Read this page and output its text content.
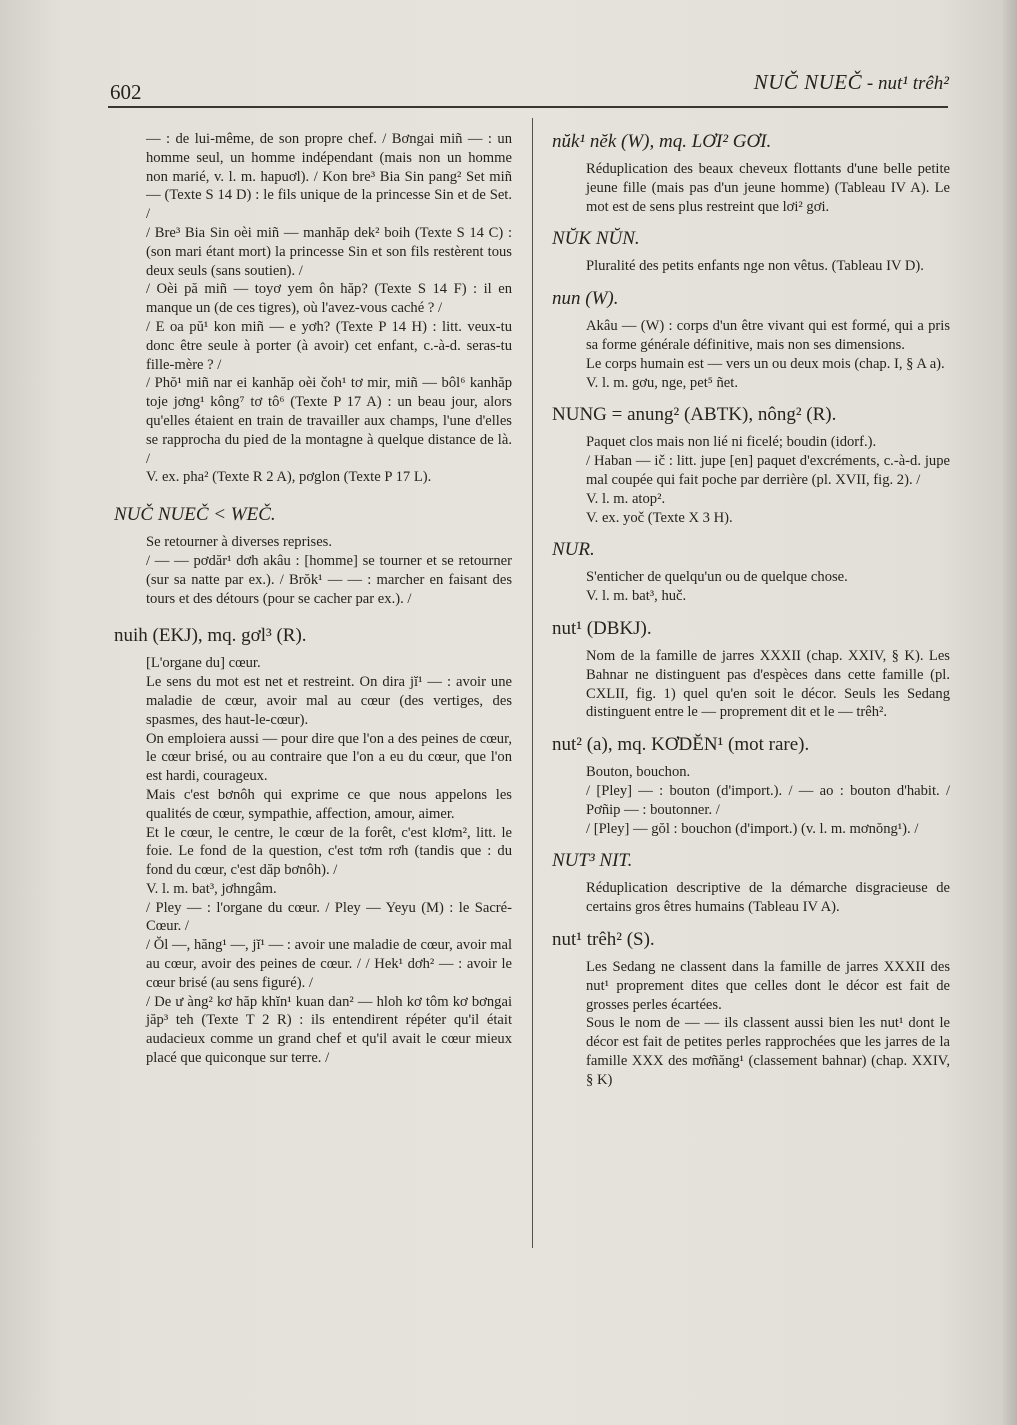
602	NUČ NUEČ - nut¹ trêh²

— : de lui-même, de son propre chef. / Bơngai miñ — : un homme seul, un homme indépendant (mais non un homme non marié, v. l. m. hapuơl). / Kon bre³ Bia Sin pang² Set miñ — (Texte S 14 D) : le fils unique de la princesse Sin et de Set. /

/ Bre³ Bia Sin oèi miñ — manhăp dek² boih (Texte S 14 C) : (son mari étant mort) la princesse Sin et son fils restèrent tous deux seuls (sans soutien). /

/ Oèi pă miñ — toyơ yem ôn hăp? (Texte S 14 F) : il en manque un (de ces tigres), où l'avez-vous caché ? /

/ E oa pŭ¹ kon miñ — e yơh? (Texte P 14 H) : litt. veux-tu donc être seule à porter (à avoir) cet enfant, c.-à-d. seras-tu fille-mère ? /

/ Phŏ¹ miñ nar ei kanhăp oèi čoh¹ tơ mir, miñ — bôl⁶ kanhăp toje jơng¹ kông⁷ tơ tô⁶ (Texte P 17 A) : un beau jour, alors qu'elles étaient en train de travailler aux champs, l'une d'elles se rapprocha du pied de la montagne à quelque distance de là. /

V. ex. pha² (Texte R 2 A), pơglon (Texte P 17 L).

NUČ NUEČ < WEČ.

Se retourner à diverses reprises.

/ — — pơdăr¹ dơh akâu : [homme] se tourner et se retourner (sur sa natte par ex.). / Brŏk¹ — — : marcher en faisant des tours et des détours (pour se cacher par ex.). /

nuih (EKJ), mq. gơl³ (R).

[L'organe du] cœur.

Le sens du mot est net et restreint. On dira jĭ¹ — : avoir une maladie de cœur, avoir mal au cœur (des vertiges, des spasmes, des haut-le-cœur).

On emploiera aussi — pour dire que l'on a des peines de cœur, le cœur brisé, ou au contraire que l'on a eu du cœur, que l'on est hardi, courageux.

Mais c'est bơnôh qui exprime ce que nous appelons les qualités de cœur, sympathie, affection, amour, aimer.

Et le cœur, le centre, le cœur de la forêt, c'est klơm², litt. le foie. Le fond de la question, c'est tơm rơh (tandis que : du fond du cœur, c'est dăp bơnôh). /

V. l. m. bat³, jơhngâm.

/ Pley — : l'organe du cœur. / Pley — Yeyu (M) : le Sacré-Cœur. /

/ Ŏl —, hăng¹ —, jĭ¹ — : avoir une maladie de cœur, avoir mal au cœur, avoir des peines de cœur. / / Hek¹ dơh² — : avoir le cœur brisé (au sens figuré). /

/ De ư àng² kơ hăp khĭn¹ kuan dan² — hloh kơ tôm kơ bơngai jăp³ teh (Texte T 2 R) : ils entendirent répéter qu'il était audacieux comme un grand chef et qu'il avait le cœur mieux placé que quiconque sur terre. /

nŭk¹ nĕk (W), mq. LƠI² GƠI.

Réduplication des beaux cheveux flottants d'une belle petite jeune fille (mais pas d'un jeune homme) (Tableau IV A). Le mot est de sens plus restreint que lơi² gơi.

NŬK NŬN.

Pluralité des petits enfants nge non vêtus. (Tableau IV D).

nun (W).

Akâu — (W) : corps d'un être vivant qui est formé, qui a pris sa forme générale définitive, mais non ses dimensions.

Le corps humain est — vers un ou deux mois (chap. I, § A a).

V. l. m. gơu, nge, pet⁵ ñet.

NUNG = anung² (ABTK), nông² (R).

Paquet clos mais non lié ni ficelé; boudin (idorf.).

/ Haban — ič : litt. jupe [en] paquet d'excréments, c.-à-d. jupe mal coupée qui fait poche par derrière (pl. XVII, fig. 2). /

V. l. m. atop².

V. ex. yoč (Texte X 3 H).

NUR.

S'enticher de quelqu'un ou de quelque chose.

V. l. m. bat³, huč.

nut¹ (DBKJ).

Nom de la famille de jarres XXXII (chap. XXIV, § K). Les Bahnar ne distinguent pas d'espèces dans cette famille (pl. CXLII, fig. 1) quel qu'en soit le décor. Seuls les Sedang distinguent entre le — proprement dit et le — trêh².

nut² (a), mq. KƠDĔN¹ (mot rare).

Bouton, bouchon.

/ [Pley] — : bouton (d'import.). / — ao : bouton d'habit. / Pơñip — : boutonner. /

/ [Pley] — gŏl : bouchon (d'import.) (v. l. m. mơnŏng¹). /

NUT³ NIT.

Réduplication descriptive de la démarche disgracieuse de certains gros êtres humains (Tableau IV A).

nut¹ trêh² (S).

Les Sedang ne classent dans la famille de jarres XXXII des nut¹ proprement dites que celles dont le décor est fait de grosses perles écartées.

Sous le nom de — — ils classent aussi bien les nut¹ dont le décor est fait de petites perles rapprochées que les jarres de la famille XXX des mơñăng¹ (classement bahnar) (chap. XXIV, § K)
